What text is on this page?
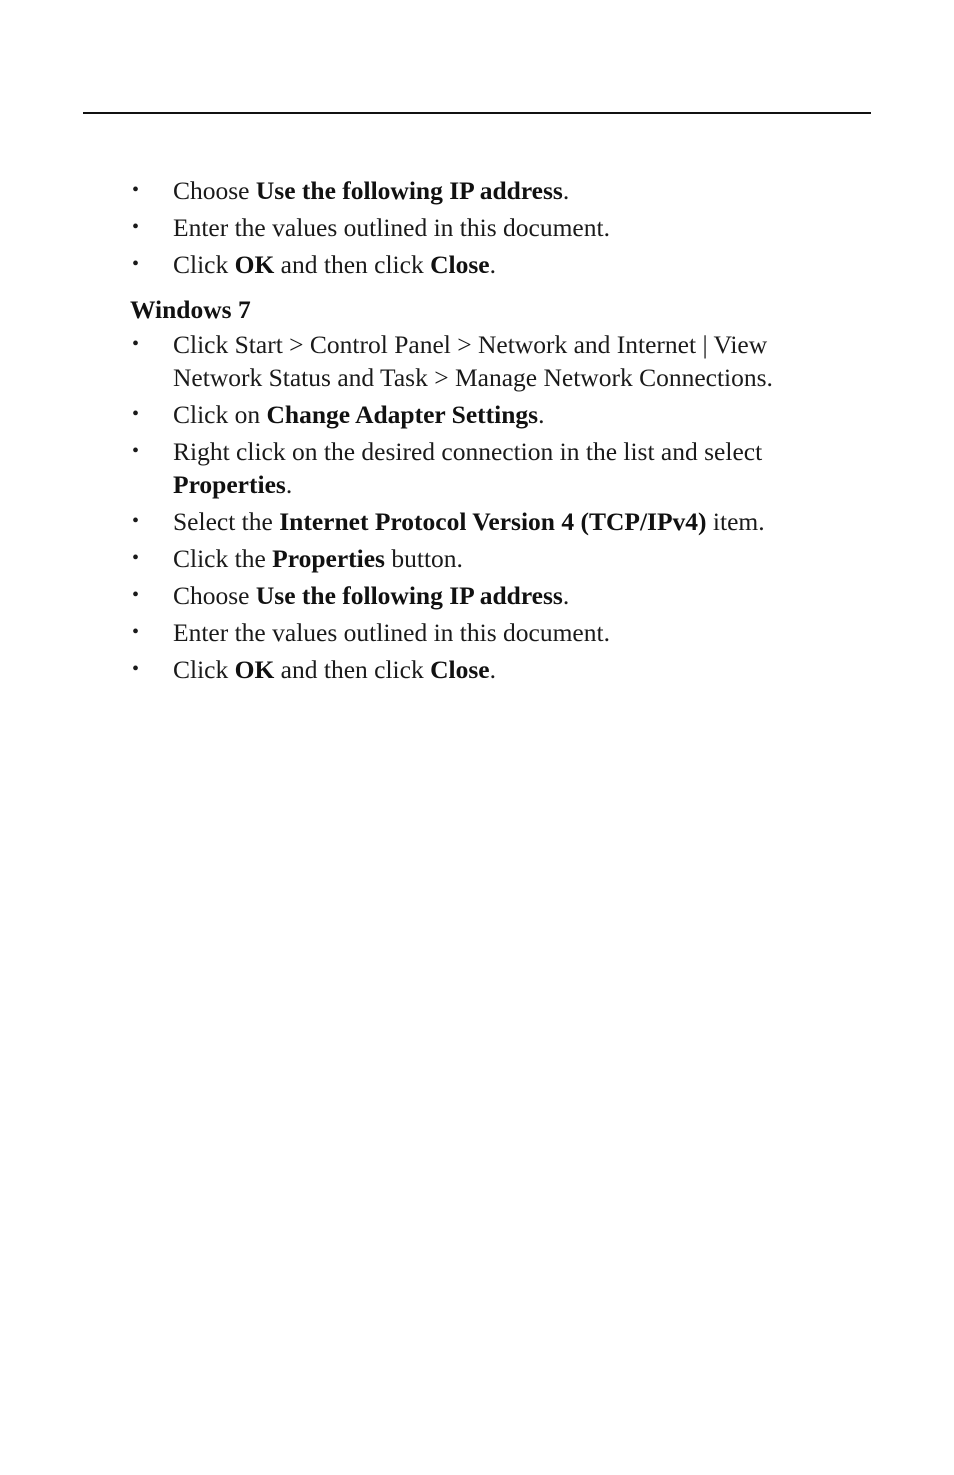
• Choose Use the following IP address.
• Enter the values outlined in this document.
• Click OK and then click Close.
Windows 7
• Click Start > Control Panel > Network and Internet | View Network Status and Task > Manage Network Connections.
• Click on Change Adapter Settings.
• Right click on the desired connection in the list and select Properties.
• Select the Internet Protocol Version 4 (TCP/IPv4) item.
• Click the Properties button.
• Choose Use the following IP address.
• Enter the values outlined in this document.
• Click OK and then click Close.
